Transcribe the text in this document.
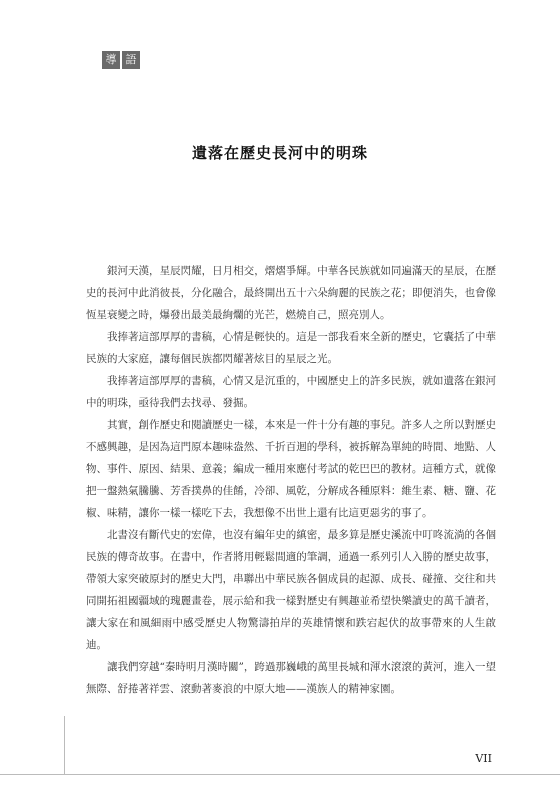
導 語
遺落在歷史長河中的明珠

銀河天漢，星辰閃耀，日月相交，熠熠爭輝。中華各民族就如同遍滿天的星辰，在歷史的長河中此消彼長，分化融合，最終開出五十六朵絢麗的民族之花；即便消失，也會像恆星衰變之時，爆發出最美最絢爛的光芒，燃燒自己，照亮別人。

我捧著這部厚厚的書稿，心情是輕快的。這是一部我看來全新的歷史，它囊括了中華民族的大家庭，讓每個民族都閃耀著炫目的星辰之光。

我捧著這部厚厚的書稿，心情又是沉重的，中國歷史上的許多民族，就如遺落在銀河中的明珠，亟待我們去找尋、發掘。

其實，創作歷史和閱讀歷史一樣，本來是一件十分有趣的事兒。許多人之所以對歷史不感興趣，是因為這門原本趣味盎然、千折百迴的學科，被拆解為單純的時間、地點、人物、事件、原因、結果、意義；編成一種用來應付考試的乾巴巴的教材。這種方式，就像把一盤熱氣騰騰、芳香撲鼻的佳餚，冷卻、風乾，分解成各種原料：維生素、糖、鹽、花椒、味精，讓你一樣一樣吃下去，我想像不出世上還有比這更惡劣的事了。

北書沒有斷代史的宏偉，也沒有編年史的縝密，最多算是歷史溪流中叮咚流淌的各個民族的傳奇故事。在書中，作者將用輕鬆間適的筆調，通過一系列引人入勝的歷史故事，帶領大家突破原封的歷史大門，串聯出中華民族各個成員的起源、成長、碰撞、交往和共同開拓祖國疆域的瑰麗畫卷，展示給和我一樣對歷史有興趣並希望快樂讀史的萬千讀者，讓大家在和風細雨中感受歷史人物驚濤拍岸的英雄情懷和跌宕起伏的故事帶來的人生啟迪。

讓我們穿越“秦時明月漢時關”，跨過那巍峨的萬里長城和渾水滾滾的黃河，進入一望無際、舒捲著祥雲、滾動著麥浪的中原大地——漢族人的精神家園。

VII
